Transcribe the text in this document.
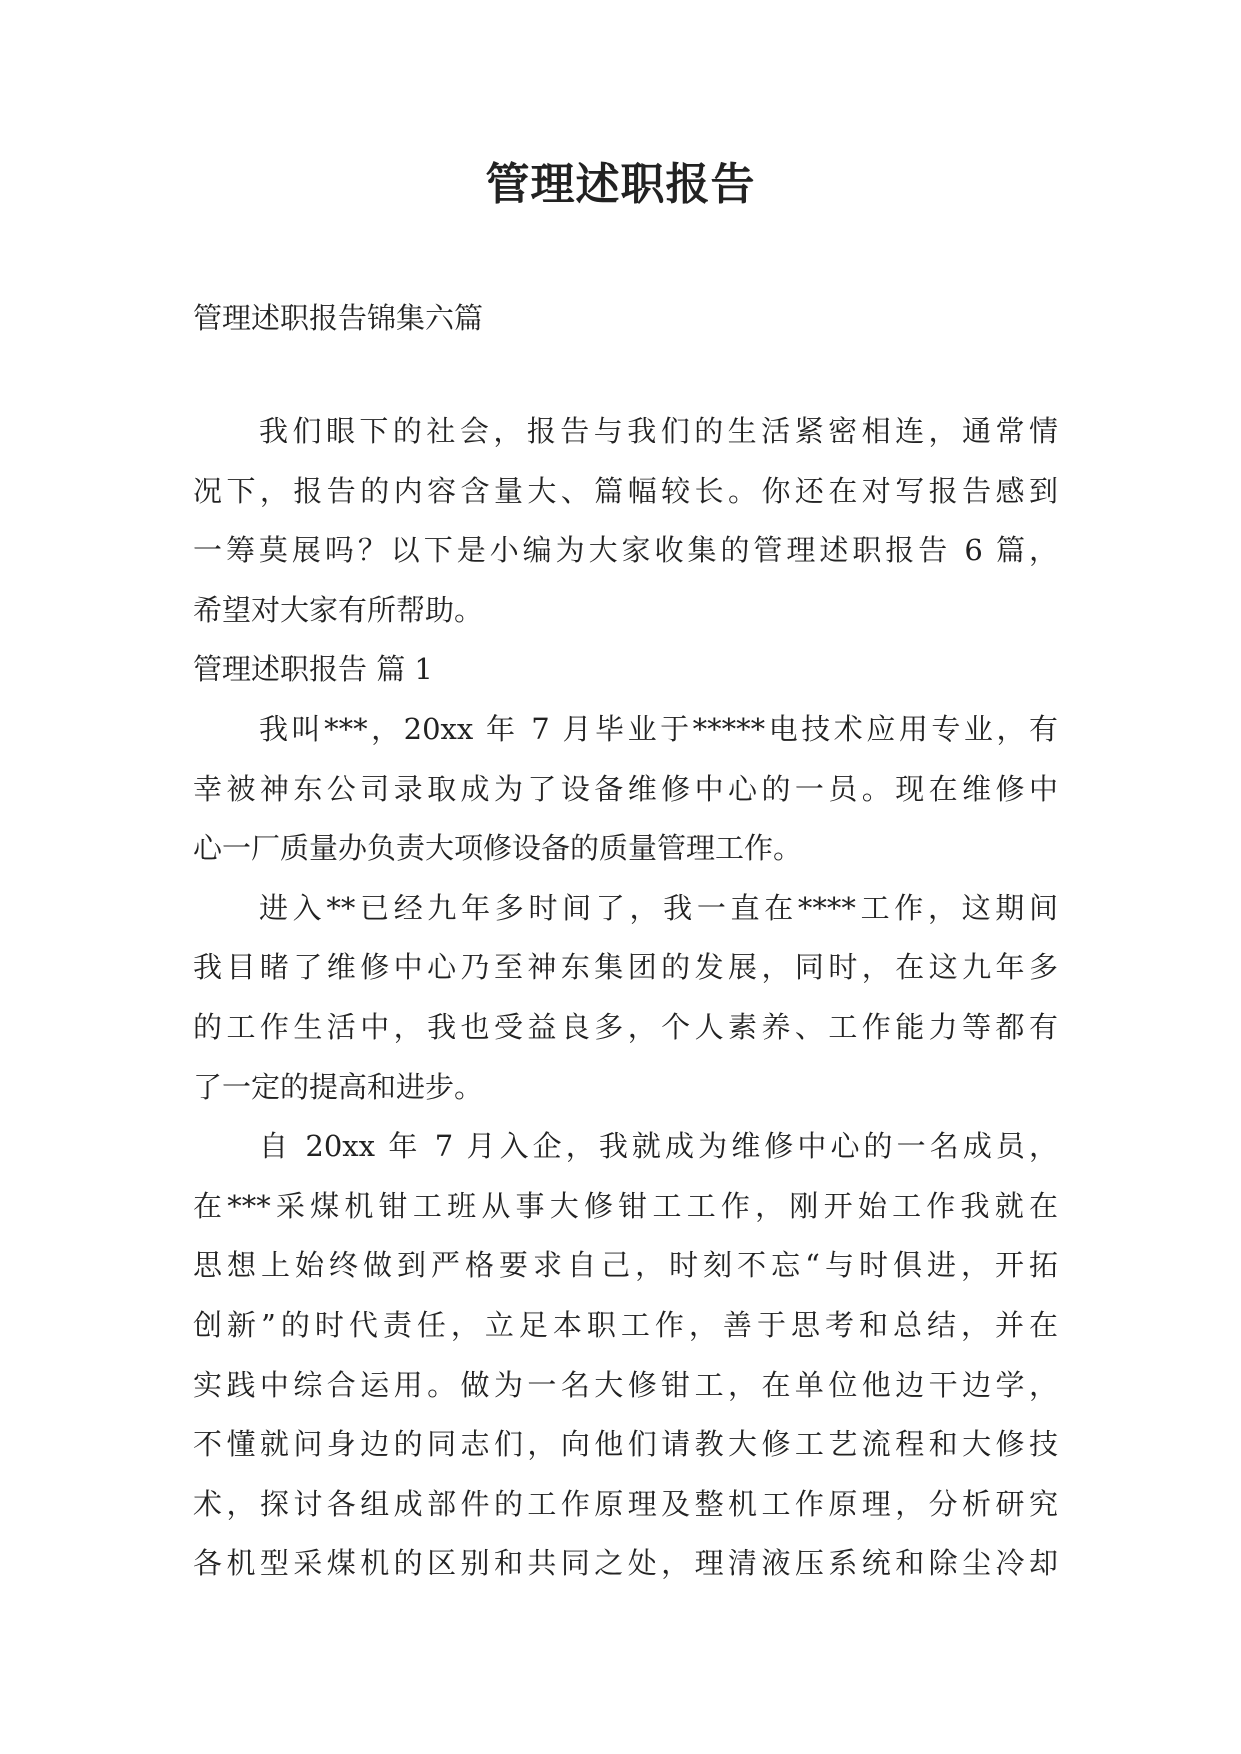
管理述职报告
管理述职报告锦集六篇
我们眼下的社会，报告与我们的生活紧密相连，通常情
况下，报告的内容含量大、篇幅较长。你还在对写报告感到
一筹莫展吗？以下是小编为大家收集的管理述职报告 6 篇，
希望对大家有所帮助。
管理述职报告 篇 1
我叫***，20xx 年 7 月毕业于*****电技术应用专业，有
幸被神东公司录取成为了设备维修中心的一员。现在维修中
心一厂质量办负责大项修设备的质量管理工作。
进入**已经九年多时间了，我一直在****工作，这期间
我目睹了维修中心乃至神东集团的发展，同时，在这九年多
的工作生活中，我也受益良多，个人素养、工作能力等都有
了一定的提高和进步。
自 20xx 年 7 月入企，我就成为维修中心的一名成员，
在***采煤机钳工班从事大修钳工工作，刚开始工作我就在
思想上始终做到严格要求自己，时刻不忘“与时俱进，开拓
创新”的时代责任，立足本职工作，善于思考和总结，并在
实践中综合运用。做为一名大修钳工，在单位他边干边学，
不懂就问身边的同志们，向他们请教大修工艺流程和大修技
术，探讨各组成部件的工作原理及整机工作原理，分析研究
各机型采煤机的区别和共同之处，理清液压系统和除尘冷却
